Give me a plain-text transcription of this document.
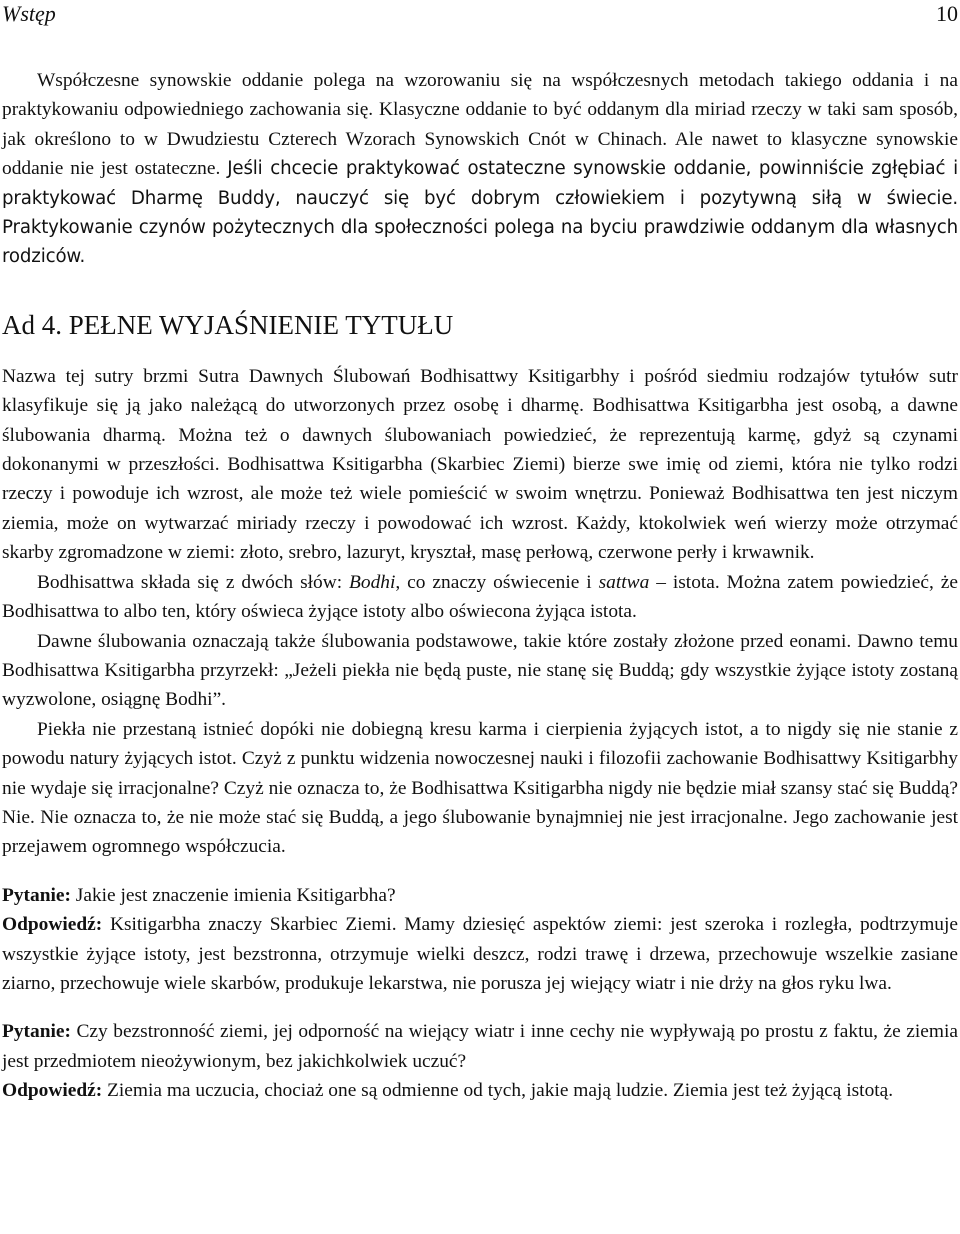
Wstęp	10

Współczesne synowskie oddanie polega na wzorowaniu się na współczesnych metodach takiego oddania i na praktykowaniu odpowiedniego zachowania się. Klasyczne oddanie to być oddanym dla miriad rzeczy w taki sam sposób, jak określono to w Dwudziestu Czterech Wzorach Synowskich Cnót w Chinach. Ale nawet to klasyczne synowskie oddanie nie jest ostateczne. Jeśli chcecie praktykować ostateczne synowskie oddanie, powinniście zgłębiać i praktykować Dharmę Buddy, nauczyć się być dobrym człowiekiem i pozytywną siłą w świecie. Praktykowanie czynów pożytecznych dla społeczności polega na byciu prawdziwie oddanym dla własnych rodziców.

Ad 4. PEŁNE WYJAŚNIENIE TYTUŁU

Nazwa tej sutry brzmi Sutra Dawnych Ślubowań Bodhisattwy Ksitigarbhy i pośród siedmiu rodzajów tytułów sutr klasyfikuje się ją jako należącą do utworzonych przez osobę i dharmę. Bodhisattwa Ksitigarbha jest osobą, a dawne ślubowania dharmą. Można też o dawnych ślubowaniach powiedzieć, że reprezentują karmę, gdyż są czynami dokonanymi w przeszłości. Bodhisattwa Ksitigarbha (Skarbiec Ziemi) bierze swe imię od ziemi, która nie tylko rodzi rzeczy i powoduje ich wzrost, ale może też wiele pomieścić w swoim wnętrzu. Ponieważ Bodhisattwa ten jest niczym ziemia, może on wytwarzać miriady rzeczy i powodować ich wzrost. Każdy, ktokolwiek weń wierzy może otrzymać skarby zgromadzone w ziemi: złoto, srebro, lazuryt, kryształ, masę perłową, czerwone perły i krwawnik.

Bodhisattwa składa się z dwóch słów: Bodhi, co znaczy oświecenie i sattwa – istota. Można zatem powiedzieć, że Bodhisattwa to albo ten, który oświeca żyjące istoty albo oświecona żyjąca istota.

Dawne ślubowania oznaczają także ślubowania podstawowe, takie które zostały złożone przed eonami. Dawno temu Bodhisattwa Ksitigarbha przyrzekł: „Jeżeli piekła nie będą puste, nie stanę się Buddą; gdy wszystkie żyjące istoty zostaną wyzwolone, osiągnę Bodhi”.

Piekła nie przestaną istnieć dopóki nie dobiegną kresu karma i cierpienia żyjących istot, a to nigdy się nie stanie z powodu natury żyjących istot. Czyż z punktu widzenia nowoczesnej nauki i filozofii zachowanie Bodhisattwy Ksitigarbhy nie wydaje się irracjonalne? Czyż nie oznacza to, że Bodhisattwa Ksitigarbha nigdy nie będzie miał szansy stać się Buddą? Nie. Nie oznacza to, że nie może stać się Buddą, a jego ślubowanie bynajmniej nie jest irracjonalne. Jego zachowanie jest przejawem ogromnego współczucia.

Pytanie: Jakie jest znaczenie imienia Ksitigarbha?

Odpowiedź: Ksitigarbha znaczy Skarbiec Ziemi. Mamy dziesięć aspektów ziemi: jest szeroka i rozległa, podtrzymuje wszystkie żyjące istoty, jest bezstronna, otrzymuje wielki deszcz, rodzi trawę i drzewa, przechowuje wszelkie zasiane ziarno, przechowuje wiele skarbów, produkuje lekarstwa, nie porusza jej wiejący wiatr i nie drży na głos ryku lwa.

Pytanie: Czy bezstronność ziemi, jej odporność na wiejący wiatr i inne cechy nie wypływają po prostu z faktu, że ziemia jest przedmiotem nieożywionym, bez jakichkolwiek uczuć?

Odpowiedź: Ziemia ma uczucia, chociaż one są odmienne od tych, jakie mają ludzie. Ziemia jest też żyjącą istotą.
